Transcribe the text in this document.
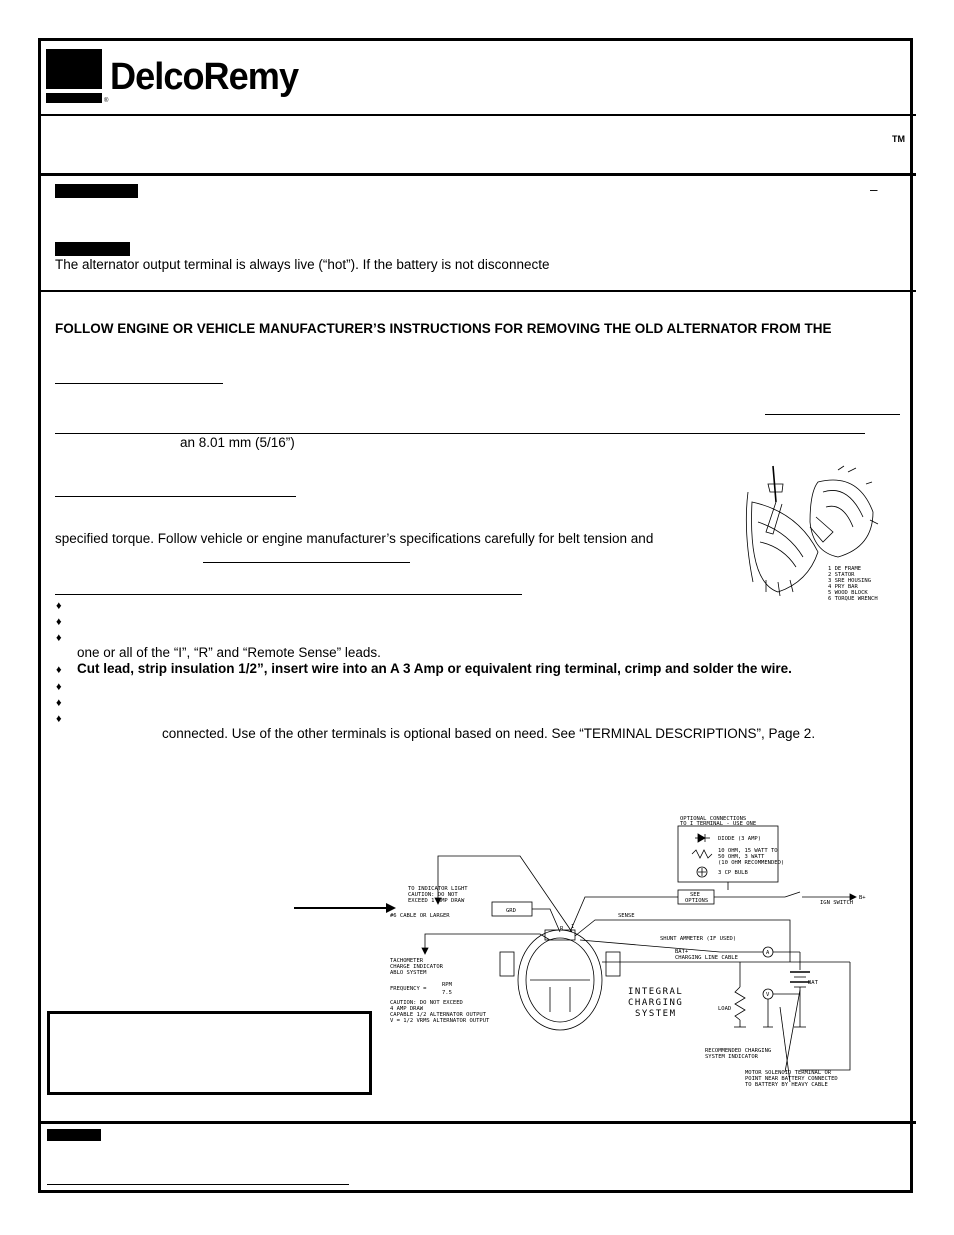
DelcoRemy
®
TM
–
The alternator output terminal is always live (“hot”). If the battery is not disconnecte
FOLLOW ENGINE OR VEHICLE MANUFACTURER’S INSTRUCTIONS FOR REMOVING THE OLD ALTERNATOR FROM THE
an 8.01 mm (5/16”)
specified torque. Follow vehicle or engine manufacturer’s specifications carefully for belt tension and
♦
♦
♦
one or all of the “I”, “R” and “Remote Sense” leads.
♦ Cut lead, strip insulation 1/2”, insert wire into an A 3 Amp or equivalent ring terminal, crimp and solder the wire.
♦
♦
♦
connected. Use of the other terminals is optional based on need. See “TERMINAL DESCRIPTIONS”, Page 2.
1 DE FRAME
2 STATOR
3 SRE HOUSING
4 PRY BAR
5 WOOD BLOCK
6 TORQUE WRENCH
OPTIONAL CONNECTIONS
TO I TERMINAL - USE ONE
DIODE (3 AMP)
10 OHM, 15 WATT TO
50 OHM, 3 WATT
(10 OHM RECOMMENDED)
3 CP BULB
TO INDICATOR LIGHT
CAUTION: DO NOT
EXCEED 1 AMP DRAW
#6 CABLE OR LARGER
GRD
SEE
OPTIONS	IGN SWITCH
B+
SENSE
SHUNT AMMETER (IF USED)
BAT+
CHARGING LINE CABLE
BAT
TACHOMETER
CHARGE INDICATOR
ABLO SYSTEM
FREQUENCY =
RPM
7.5
CAUTION: DO NOT EXCEED
4 AMP DRAW
CAPABLE 1/2 ALTERNATOR OUTPUT
V = 1/2 VRMS ALTERNATOR OUTPUT
LOAD
RECOMMENDED CHARGING
SYSTEM INDICATOR
MOTOR SOLENOID TERMINAL OR
POINT NEAR BATTERY CONNECTED
TO BATTERY BY HEAVY CABLE
I
R
A
V
INTEGRAL
CHARGING
SYSTEM
